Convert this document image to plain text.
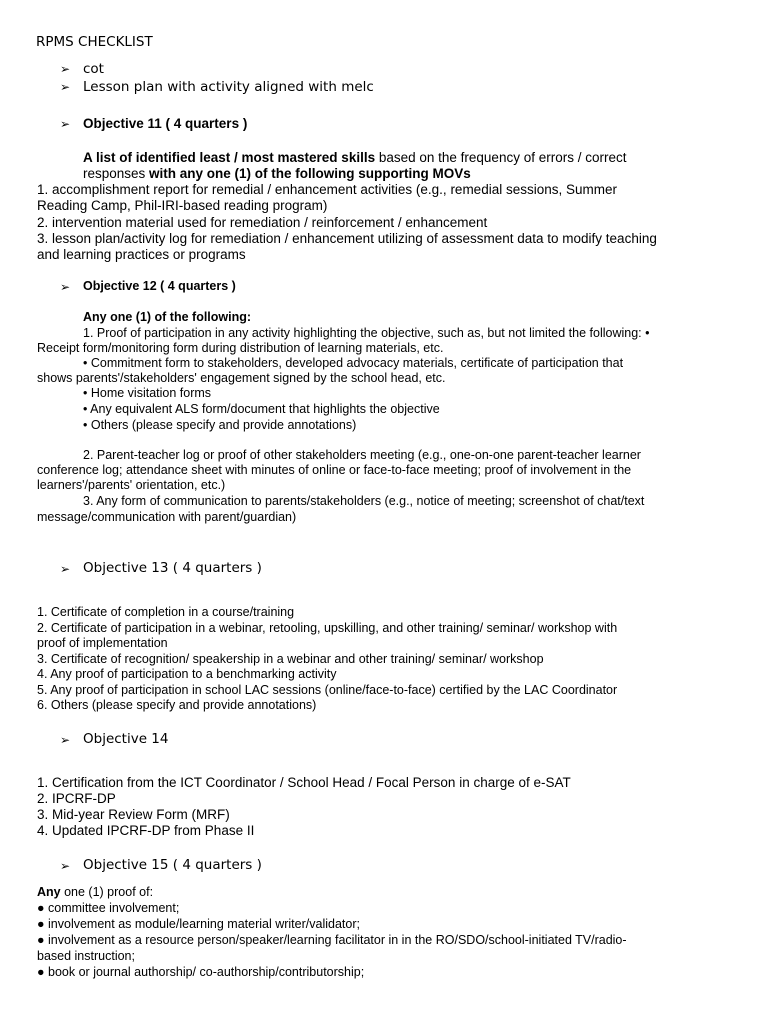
RPMS CHECKLIST
➢ cot
➢ Lesson plan with activity aligned with melc
➢ Objective 11 ( 4 quarters )
A list of identified least / most mastered skills based on the frequency of errors / correct
responses with any one (1) of the following supporting MOVs
1. accomplishment report for remedial / enhancement activities (e.g., remedial sessions, Summer
Reading Camp, Phil-IRI-based reading program)
2. intervention material used for remediation / reinforcement / enhancement
3. lesson plan/activity log for remediation / enhancement utilizing of assessment data to modify teaching
and learning practices or programs
➢ Objective 12 ( 4 quarters )
Any one (1) of the following:
1. Proof of participation in any activity highlighting the objective, such as, but not limited the following: •
Receipt form/monitoring form during distribution of learning materials, etc.
• Commitment form to stakeholders, developed advocacy materials, certificate of participation that
shows parents'/stakeholders' engagement signed by the school head, etc.
• Home visitation forms
• Any equivalent ALS form/document that highlights the objective
• Others (please specify and provide annotations)
2. Parent-teacher log or proof of other stakeholders meeting (e.g., one-on-one parent-teacher learner
conference log; attendance sheet with minutes of online or face-to-face meeting; proof of involvement in the
learners'/parents' orientation, etc.)
3. Any form of communication to parents/stakeholders (e.g., notice of meeting; screenshot of chat/text
message/communication with parent/guardian)
➢ Objective 13 ( 4 quarters )
1. Certificate of completion in a course/training
2. Certificate of participation in a webinar, retooling, upskilling, and other training/ seminar/ workshop with
proof of implementation
3. Certificate of recognition/ speakership in a webinar and other training/ seminar/ workshop
4. Any proof of participation to a benchmarking activity
5. Any proof of participation in school LAC sessions (online/face-to-face) certified by the LAC Coordinator
6. Others (please specify and provide annotations)
➢ Objective 14
1. Certification from the ICT Coordinator / School Head / Focal Person in charge of e-SAT
2. IPCRF-DP
3. Mid-year Review Form (MRF)
4. Updated IPCRF-DP from Phase II
➢ Objective 15 ( 4 quarters )
Any one (1) proof of:
● committee involvement;
● involvement as module/learning material writer/validator;
● involvement as a resource person/speaker/learning facilitator in in the RO/SDO/school-initiated TV/radio-
based instruction;
● book or journal authorship/ co-authorship/contributorship;
